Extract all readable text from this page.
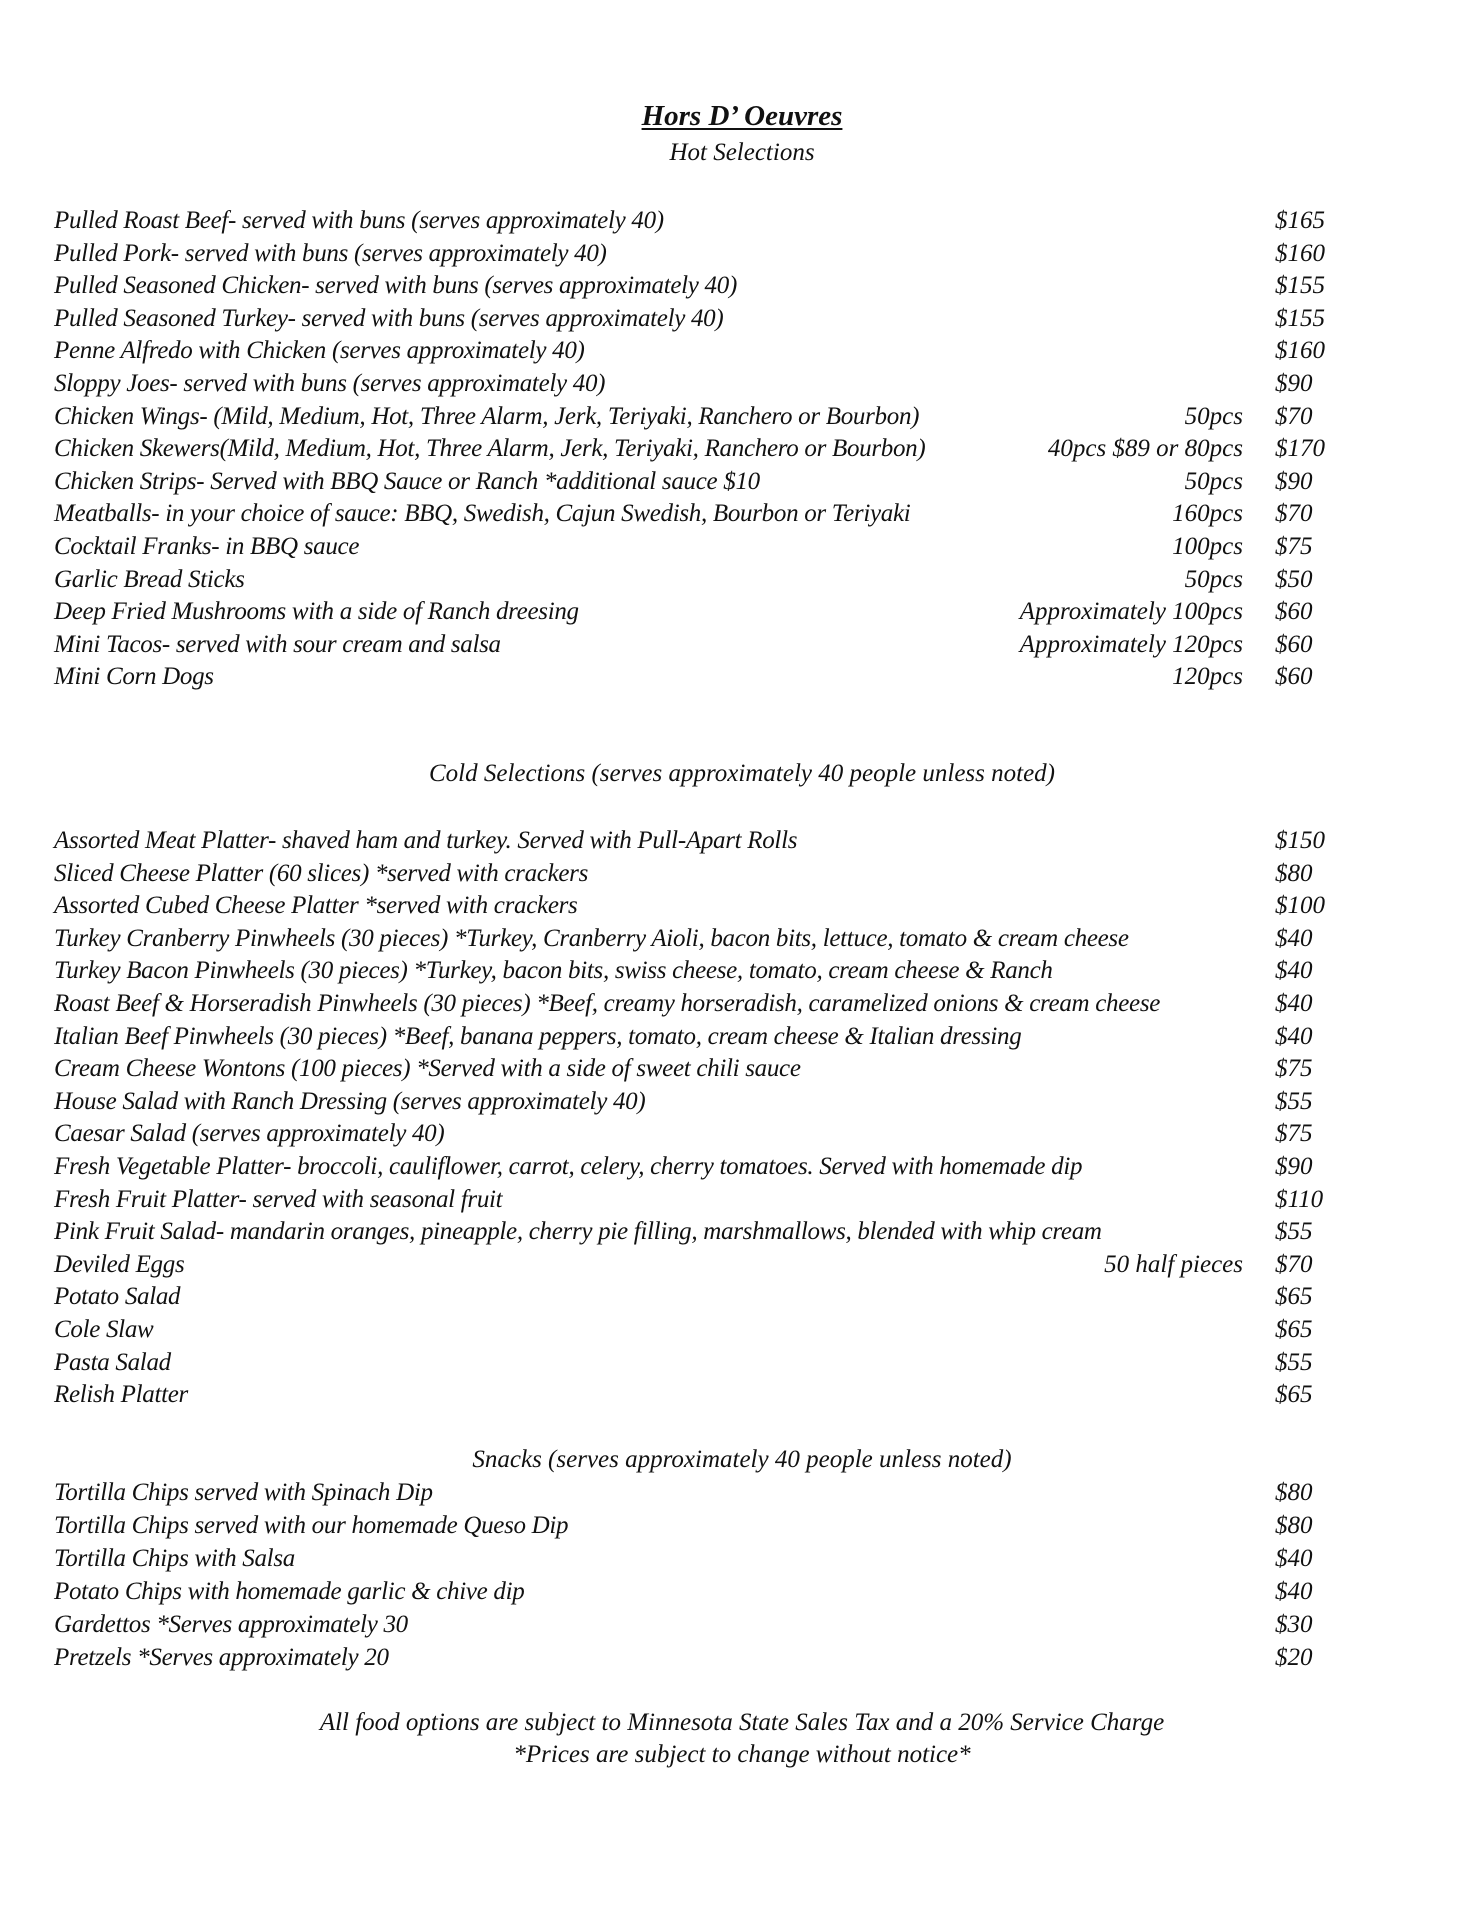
Hors D’ Oeuvres
Hot Selections
Pulled Roast Beef- served with buns (serves approximately 40)	$165
Pulled Pork- served with buns (serves approximately 40)	$160
Pulled Seasoned Chicken- served with buns (serves approximately 40)	$155
Pulled Seasoned Turkey- served with buns (serves approximately 40)	$155
Penne Alfredo with Chicken (serves approximately 40)	$160
Sloppy Joes- served with buns (serves approximately 40)	$90
Chicken Wings- (Mild, Medium, Hot, Three Alarm, Jerk, Teriyaki, Ranchero or Bourbon)	50pcs $70
Chicken Skewers(Mild, Medium, Hot, Three Alarm, Jerk, Teriyaki, Ranchero or Bourbon)	40pcs $89 or 80pcs $170
Chicken Strips- Served with BBQ Sauce or Ranch *additional sauce $10	50pcs $90
Meatballs- in your choice of sauce: BBQ, Swedish, Cajun Swedish, Bourbon or Teriyaki	160pcs $70
Cocktail Franks- in BBQ sauce	100pcs $75
Garlic Bread Sticks	50pcs $50
Deep Fried Mushrooms with a side of Ranch dreesing	Approximately 100pcs $60
Mini Tacos- served with sour cream and salsa	Approximately 120pcs $60
Mini Corn Dogs	120pcs $60
Cold Selections (serves approximately 40 people unless noted)
Assorted Meat Platter- shaved ham and turkey. Served with Pull-Apart Rolls	$150
Sliced Cheese Platter (60 slices) *served with crackers	$80
Assorted Cubed Cheese Platter *served with crackers	$100
Turkey Cranberry Pinwheels (30 pieces) *Turkey, Cranberry Aioli, bacon bits, lettuce, tomato & cream cheese	$40
Turkey Bacon Pinwheels (30 pieces) *Turkey, bacon bits, swiss cheese, tomato, cream cheese & Ranch	$40
Roast Beef & Horseradish Pinwheels (30 pieces) *Beef, creamy horseradish, caramelized onions & cream cheese	$40
Italian Beef Pinwheels (30 pieces) *Beef, banana peppers, tomato, cream cheese & Italian dressing	$40
Cream Cheese Wontons (100 pieces) *Served with a side of sweet chili sauce	$75
House Salad with Ranch Dressing (serves approximately 40)	$55
Caesar Salad (serves approximately 40)	$75
Fresh Vegetable Platter- broccoli, cauliflower, carrot, celery, cherry tomatoes. Served with homemade dip	$90
Fresh Fruit Platter- served with seasonal fruit	$110
Pink Fruit Salad- mandarin oranges, pineapple, cherry pie filling, marshmallows, blended with whip cream	$55
Deviled Eggs	50 half pieces $70
Potato Salad	$65
Cole Slaw	$65
Pasta Salad	$55
Relish Platter	$65
Snacks (serves approximately 40 people unless noted)
Tortilla Chips served with Spinach Dip	$80
Tortilla Chips served with our homemade Queso Dip	$80
Tortilla Chips with Salsa	$40
Potato Chips with homemade garlic & chive dip	$40
Gardettos *Serves approximately 30	$30
Pretzels *Serves approximately 20	$20
All food options are subject to Minnesota State Sales Tax and a 20% Service Charge
*Prices are subject to change without notice*
